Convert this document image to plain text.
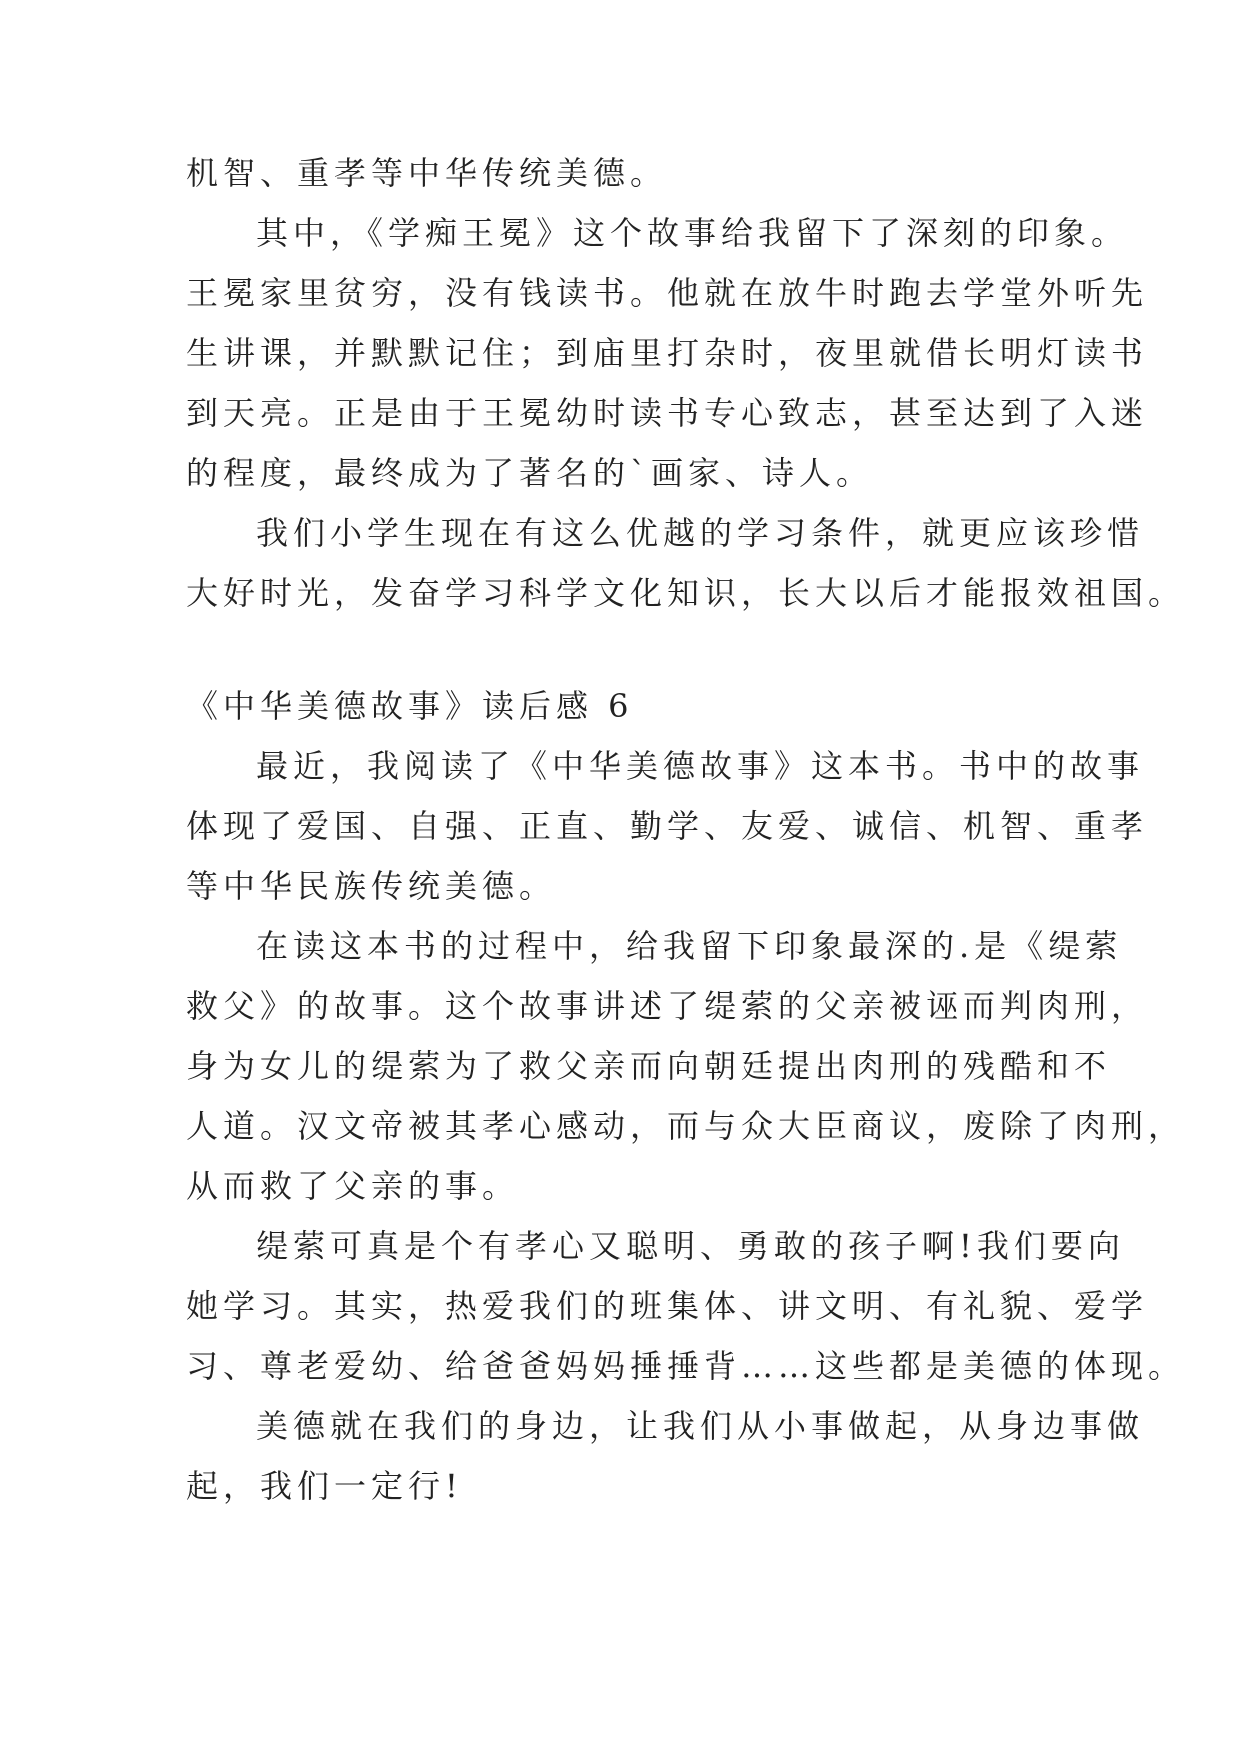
机智、重孝等中华传统美德。
其中，《学痴王冕》这个故事给我留下了深刻的印象。
王冕家里贫穷，没有钱读书。他就在放牛时跑去学堂外听先
生讲课，并默默记住；到庙里打杂时，夜里就借长明灯读书
到天亮。正是由于王冕幼时读书专心致志，甚至达到了入迷
的程度，最终成为了著名的`画家、诗人。
我们小学生现在有这么优越的学习条件，就更应该珍惜
大好时光，发奋学习科学文化知识，长大以后才能报效祖国。
《中华美德故事》读后感 6
最近，我阅读了《中华美德故事》这本书。书中的故事
体现了爱国、自强、正直、勤学、友爱、诚信、机智、重孝
等中华民族传统美德。
在读这本书的过程中，给我留下印象最深的.是《缇萦
救父》的故事。这个故事讲述了缇萦的父亲被诬而判肉刑，
身为女儿的缇萦为了救父亲而向朝廷提出肉刑的残酷和不
人道。汉文帝被其孝心感动，而与众大臣商议，废除了肉刑，
从而救了父亲的事。
缇萦可真是个有孝心又聪明、勇敢的孩子啊!我们要向
她学习。其实，热爱我们的班集体、讲文明、有礼貌、爱学
习、尊老爱幼、给爸爸妈妈捶捶背……这些都是美德的体现。
美德就在我们的身边，让我们从小事做起，从身边事做
起，我们一定行!
